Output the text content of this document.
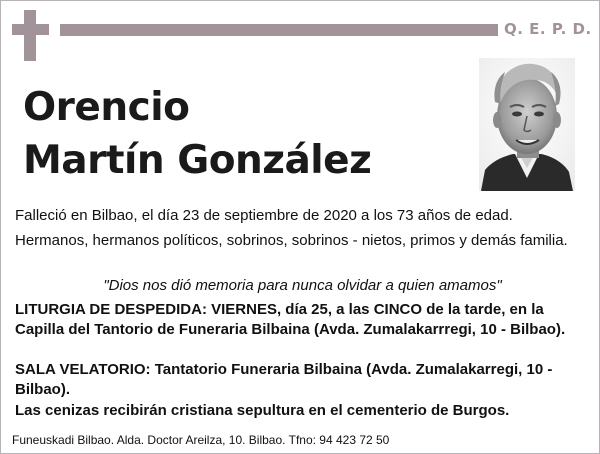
Q. E. P. D.
Orencio
Martín González
Falleció en Bilbao, el día 23 de septiembre de 2020 a los 73 años de edad.
Hermanos, hermanos políticos, sobrinos, sobrinos - nietos, primos y demás familia.
"Dios nos dió memoria para nunca olvidar a quien amamos"
LITURGIA DE DESPEDIDA: VIERNES, día 25, a las CINCO de la tarde, en la Capilla del Tantorio de Funeraria Bilbaina (Avda. Zumalakarrregi, 10 - Bilbao).
SALA VELATORIO: Tantatorio Funeraria Bilbaina (Avda. Zumalakarregi, 10 - Bilbao).
Las cenizas recibirán cristiana sepultura en el cementerio de Burgos.
Funeuskadi Bilbao. Alda. Doctor Areilza, 10. Bilbao. Tfno: 94 423 72 50
